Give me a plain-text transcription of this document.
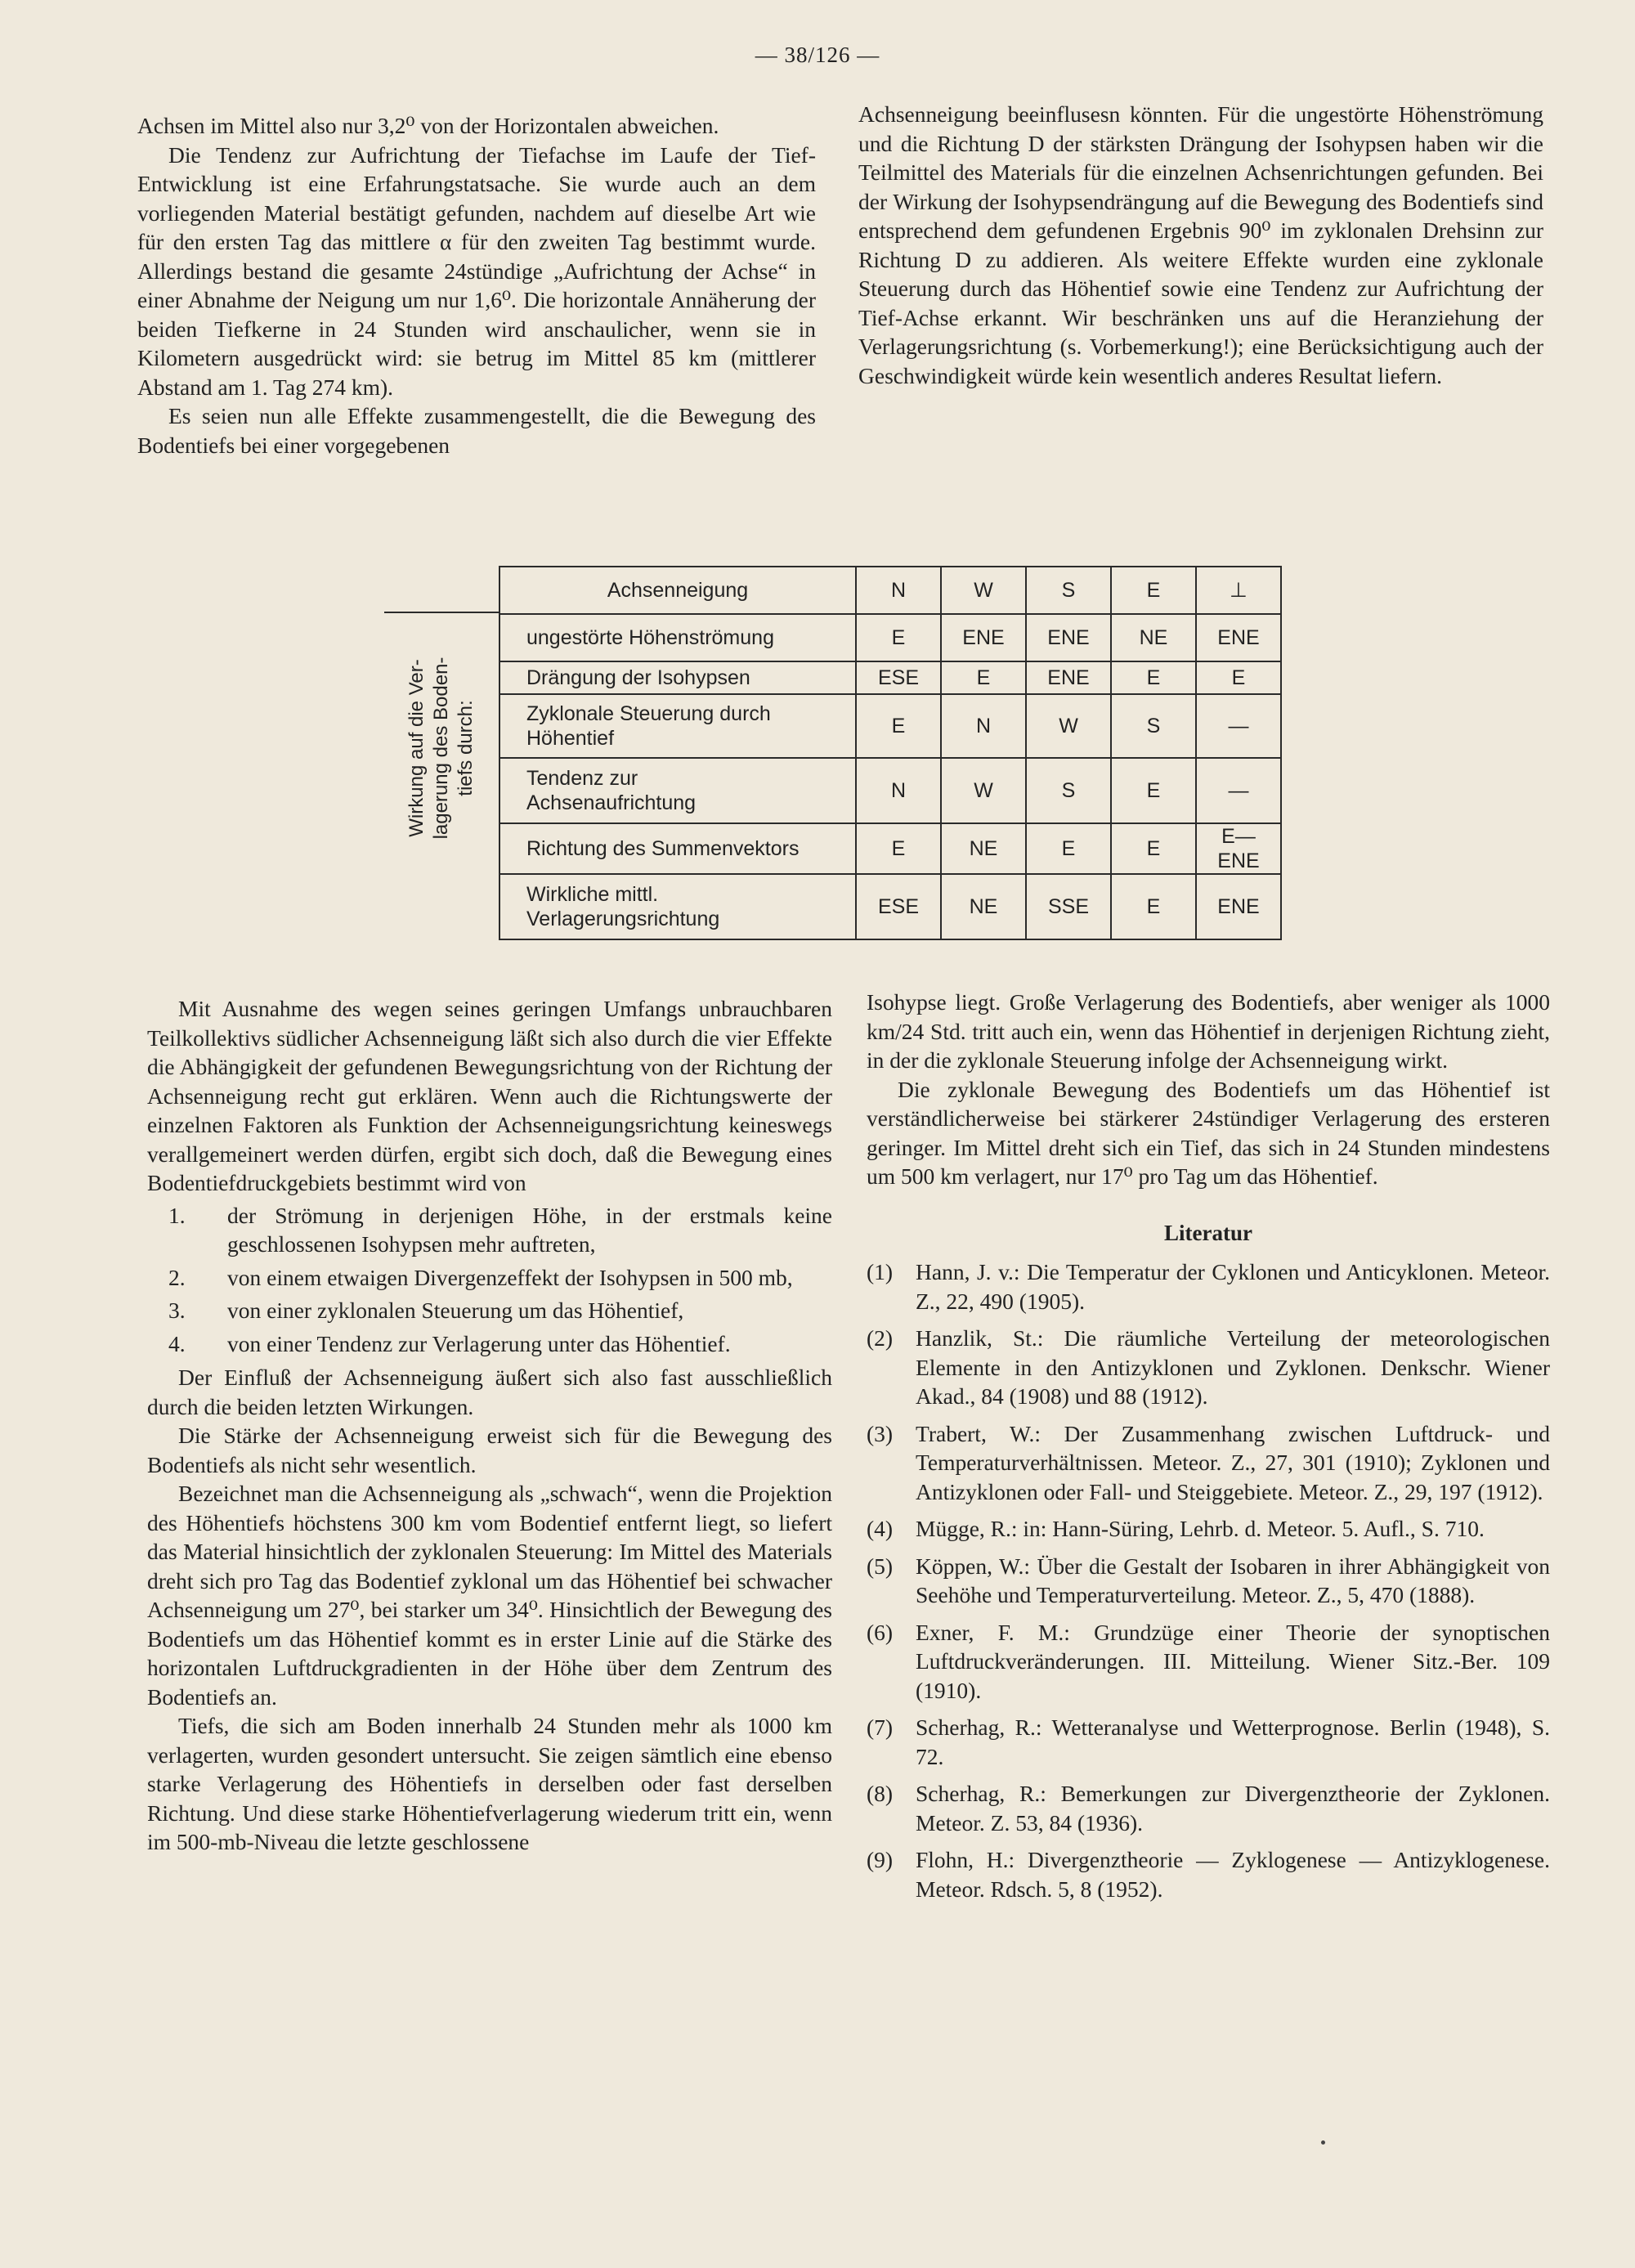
— 38/126 —

Achsen im Mittel also nur 3,2⁰ von der Horizontalen abweichen.

Die Tendenz zur Aufrichtung der Tiefachse im Laufe der Tief-Entwicklung ist eine Erfahrungstatsache. Sie wurde auch an dem vorliegenden Material bestätigt gefunden, nachdem auf dieselbe Art wie für den ersten Tag das mittlere α für den zweiten Tag bestimmt wurde. Allerdings bestand die gesamte 24stündige „Aufrichtung der Achse“ in einer Abnahme der Neigung um nur 1,6⁰. Die horizontale Annäherung der beiden Tiefkerne in 24 Stunden wird anschaulicher, wenn sie in Kilometern ausgedrückt wird: sie betrug im Mittel 85 km (mittlerer Abstand am 1. Tag 274 km).

Es seien nun alle Effekte zusammengestellt, die die Bewegung des Bodentiefs bei einer vorgegebenen

Achsenneigung beeinflusesn könnten. Für die ungestörte Höhenströmung und die Richtung D der stärksten Drängung der Isohypsen haben wir die Teilmittel des Materials für die einzelnen Achsenrichtungen gefunden. Bei der Wirkung der Isohypsendrängung auf die Bewegung des Bodentiefs sind entsprechend dem gefundenen Ergebnis 90⁰ im zyklonalen Drehsinn zur Richtung D zu addieren. Als weitere Effekte wurden eine zyklonale Steuerung durch das Höhentief sowie eine Tendenz zur Aufrichtung der Tief-Achse erkannt. Wir beschränken uns auf die Heranziehung der Verlagerungsrichtung (s. Vorbemerkung!); eine Berücksichtigung auch der Geschwindigkeit würde kein wesentlich anderes Resultat liefern.

Wirkung auf die Ver- lagerung des Boden- tiefs durch:
Achsenneigung	N	W	S	E	⊥
ungestörte Höhenströmung	E	ENE	ENE	NE	ENE
Drängung der Isohypsen	ESE	E	ENE	E	E
Zyklonale Steuerung durch Höhentief	E	N	W	S	—
Tendenz zur Achsenaufrichtung	N	W	S	E	—
Richtung des Summenvektors	E	NE	E	E	E—ENE
Wirkliche mittl. Verlagerungsrichtung	ESE	NE	SSE	E	ENE

Mit Ausnahme des wegen seines geringen Umfangs unbrauchbaren Teilkollektivs südlicher Achsenneigung läßt sich also durch die vier Effekte die Abhängigkeit der gefundenen Bewegungsrichtung von der Richtung der Achsenneigung recht gut erklären. Wenn auch die Richtungswerte der einzelnen Faktoren als Funktion der Achsenneigungsrichtung keineswegs verallgemeinert werden dürfen, ergibt sich doch, daß die Bewegung eines Bodentiefdruckgebiets bestimmt wird von

1.	der Strömung in derjenigen Höhe, in der erstmals keine geschlossenen Isohypsen mehr auftreten,
2.	von einem etwaigen Divergenzeffekt der Isohypsen in 500 mb,
3.	von einer zyklonalen Steuerung um das Höhentief,
4.	von einer Tendenz zur Verlagerung unter das Höhentief.

Der Einfluß der Achsenneigung äußert sich also fast ausschließlich durch die beiden letzten Wirkungen.

Die Stärke der Achsenneigung erweist sich für die Bewegung des Bodentiefs als nicht sehr wesentlich.

Bezeichnet man die Achsenneigung als „schwach“, wenn die Projektion des Höhentiefs höchstens 300 km vom Bodentief entfernt liegt, so liefert das Material hinsichtlich der zyklonalen Steuerung: Im Mittel des Materials dreht sich pro Tag das Bodentief zyklonal um das Höhentief bei schwacher Achsenneigung um 27⁰, bei starker um 34⁰. Hinsichtlich der Bewegung des Bodentiefs um das Höhentief kommt es in erster Linie auf die Stärke des horizontalen Luftdruckgradienten in der Höhe über dem Zentrum des Bodentiefs an.

Tiefs, die sich am Boden innerhalb 24 Stunden mehr als 1000 km verlagerten, wurden gesondert untersucht. Sie zeigen sämtlich eine ebenso starke Verlagerung des Höhentiefs in derselben oder fast derselben Richtung. Und diese starke Höhentiefverlagerung wiederum tritt ein, wenn im 500-mb-Niveau die letzte geschlossene

Isohypse liegt. Große Verlagerung des Bodentiefs, aber weniger als 1000 km/24 Std. tritt auch ein, wenn das Höhentief in derjenigen Richtung zieht, in der die zyklonale Steuerung infolge der Achsenneigung wirkt.

Die zyklonale Bewegung des Bodentiefs um das Höhentief ist verständlicherweise bei stärkerer 24stündiger Verlagerung des ersteren geringer. Im Mittel dreht sich ein Tief, das sich in 24 Stunden mindestens um 500 km verlagert, nur 17⁰ pro Tag um das Höhentief.

Literatur
(1)	Hann, J. v.: Die Temperatur der Cyklonen und Anticyklonen. Meteor. Z., 22, 490 (1905).
(2)	Hanzlik, St.: Die räumliche Verteilung der meteorologischen Elemente in den Antizyklonen und Zyklonen. Denkschr. Wiener Akad., 84 (1908) und 88 (1912).
(3)	Trabert, W.: Der Zusammenhang zwischen Luftdruck- und Temperaturverhältnissen. Meteor. Z., 27, 301 (1910); Zyklonen und Antizyklonen oder Fall- und Steiggebiete. Meteor. Z., 29, 197 (1912).
(4)	Mügge, R.: in: Hann-Süring, Lehrb. d. Meteor. 5. Aufl., S. 710.
(5)	Köppen, W.: Über die Gestalt der Isobaren in ihrer Abhängigkeit von Seehöhe und Temperaturverteilung. Meteor. Z., 5, 470 (1888).
(6)	Exner, F. M.: Grundzüge einer Theorie der synoptischen Luftdruckveränderungen. III. Mitteilung. Wiener Sitz.-Ber. 109 (1910).
(7)	Scherhag, R.: Wetteranalyse und Wetterprognose. Berlin (1948), S. 72.
(8)	Scherhag, R.: Bemerkungen zur Divergenztheorie der Zyklonen. Meteor. Z. 53, 84 (1936).
(9)	Flohn, H.: Divergenztheorie — Zyklogenese — Antizyklogenese. Meteor. Rdsch. 5, 8 (1952).
